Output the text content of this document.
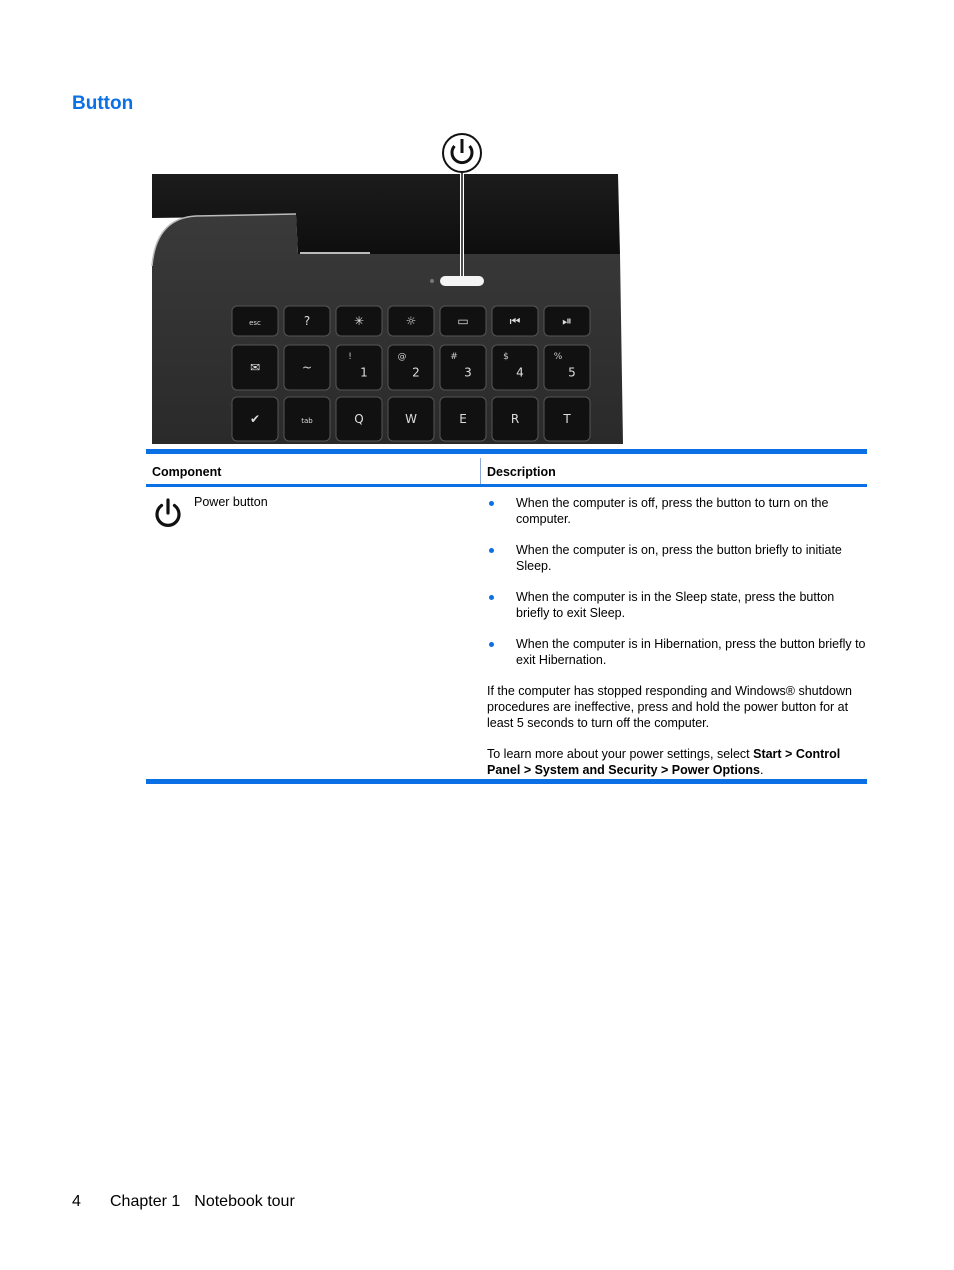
Button
esc	?	✳	☼	▭	⏮	⏯
✉	~	1
!
2
@
3
#
4
$
5
%
✔	tab	Q	W	E	R	T
Component	Description
Power button	When the computer is off, press the button to turn on the computer.
When the computer is on, press the button briefly to initiate Sleep.
When the computer is in the Sleep state, press the button briefly to exit Sleep.
When the computer is in Hibernation, press the button briefly to exit Hibernation.

If the computer has stopped responding and Windows® shutdown procedures are ineffective, press and hold the power button for at least 5 seconds to turn off the computer.

To learn more about your power settings, select Start > Control Panel > System and Security > Power Options.

4 Chapter 1 Notebook tour
